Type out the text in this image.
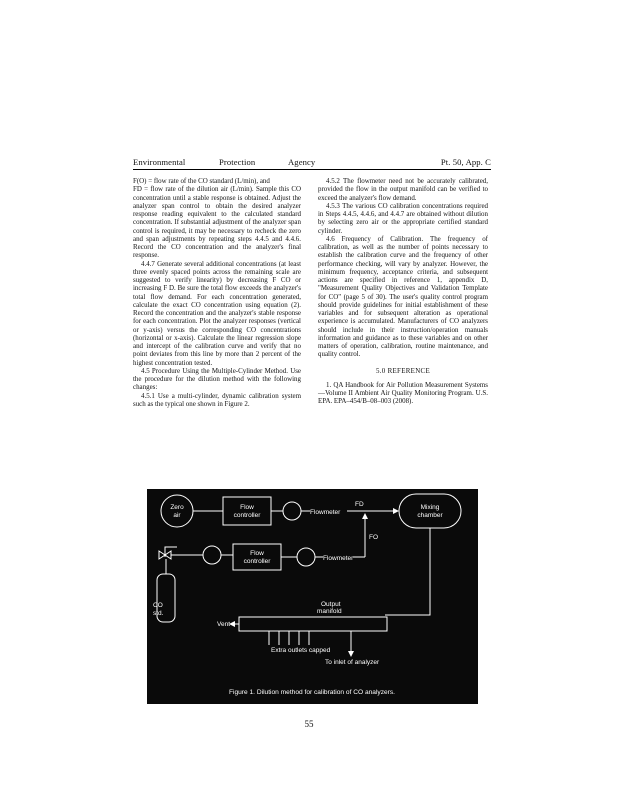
Environmental	Protection	Agency	Pt. 50, App. C

F(O) = flow rate of the CO standard (L/min), and

FD = flow rate of the dilution air (L/min). Sample this CO concentration until a stable response is obtained. Adjust the analyzer span control to obtain the desired analyzer response reading equivalent to the calculated standard concentration. If substantial adjustment of the analyzer span control is required, it may be necessary to recheck the zero and span adjustments by repeating steps 4.4.5 and 4.4.6. Record the CO concentration and the analyzer's final response.

4.4.7 Generate several additional concentrations (at least three evenly spaced points across the remaining scale are suggested to verify linearity) by decreasing F CO or increasing F D. Be sure the total flow exceeds the analyzer's total flow demand. For each concentration generated, calculate the exact CO concentration using equation (2). Record the concentration and the analyzer's stable response for each concentration. Plot the analyzer responses (vertical or y-axis) versus the corresponding CO concentrations (horizontal or x-axis). Calculate the linear regression slope and intercept of the calibration curve and verify that no point deviates from this line by more than 2 percent of the highest concentration tested.

4.5 Procedure Using the Multiple-Cylinder Method. Use the procedure for the dilution method with the following changes:

4.5.1 Use a multi-cylinder, dynamic calibration system such as the typical one shown in Figure 2.

4.5.2 The flowmeter need not be accurately calibrated, provided the flow in the output manifold can be verified to exceed the analyzer's flow demand.

4.5.3 The various CO calibration concentrations required in Steps 4.4.5, 4.4.6, and 4.4.7 are obtained without dilution by selecting zero air or the appropriate certified standard cylinder.

4.6 Frequency of Calibration. The frequency of calibration, as well as the number of points necessary to establish the calibration curve and the frequency of other performance checking, will vary by analyzer. However, the minimum frequency, acceptance criteria, and subsequent actions are specified in reference 1, appendix D, "Measurement Quality Objectives and Validation Template for CO" (page 5 of 30). The user's quality control program should provide guidelines for initial establishment of these variables and for subsequent alteration as operational experience is accumulated. Manufacturers of CO analyzers should include in their instruction/operation manuals information and guidance as to these variables and on other matters of operation, calibration, routine maintenance, and quality control.

5.0 REFERENCE

1. QA Handbook for Air Pollution Measurement Systems—Volume II Ambient Air Quality Monitoring Program. U.S. EPA. EPA–454/B–08–003 (2008).

Zero
air
Flow
controller	Flowmeter
FD	Mixing
chamber
FO
Flow
controller	Flowmeter
CO
std.
Output
manifold
Vent
Extra outlets capped
To inlet of analyzer
Figure 1. Dilution method for calibration of CO analyzers.
55
